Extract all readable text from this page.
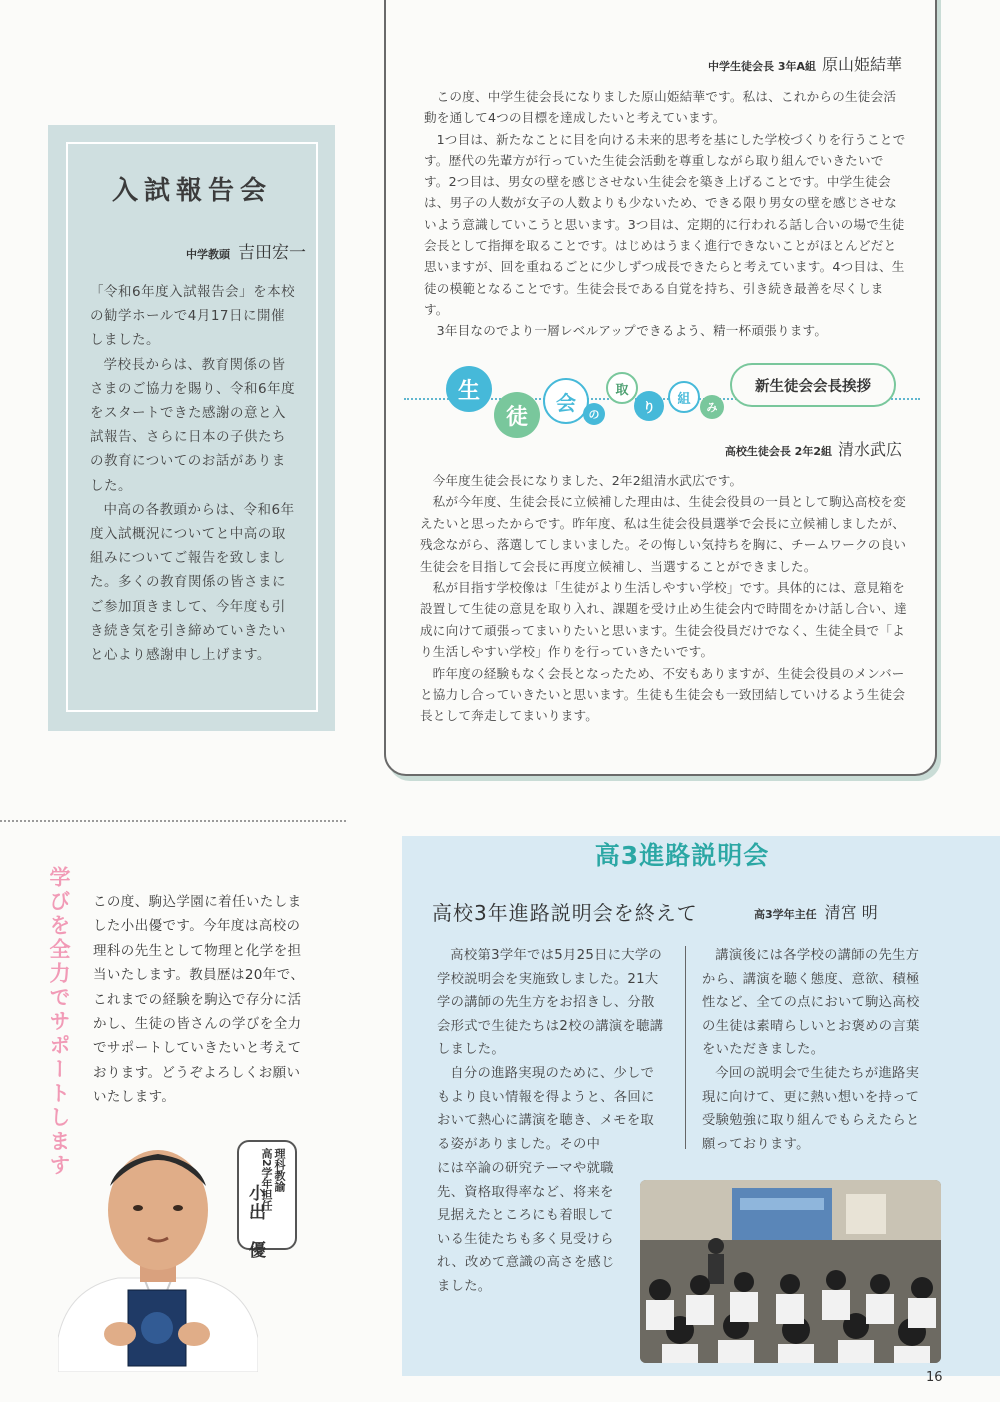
入試報告会
中学教頭 吉田宏一

「令和6年度入試報告会」を本校の勧学ホールで4月17日に開催しました。

学校長からは、教育関係の皆さまのご協力を賜り、令和6年度をスタートできた感謝の意と入試報告、さらに日本の子供たちの教育についてのお話がありました。

中高の各教頭からは、令和6年度入試概況についてと中高の取組みについてご報告を致しました。多くの教育関係の皆さまにご参加頂きまして、今年度も引き続き気を引き締めていきたいと心より感謝申し上げます。

中学生徒会長 3年A組 原山姫結華

この度、中学生徒会長になりました原山姫結華です。私は、これからの生徒会活動を通して4つの目標を達成したいと考えています。

1つ目は、新たなことに目を向ける未来的思考を基にした学校づくりを行うことです。歴代の先輩方が行っていた生徒会活動を尊重しながら取り組んでいきたいです。2つ目は、男女の壁を感じさせない生徒会を築き上げることです。中学生徒会は、男子の人数が女子の人数よりも少ないため、できる限り男女の壁を感じさせないよう意識していこうと思います。3つ目は、定期的に行われる話し合いの場で生徒会長として指揮を取ることです。はじめはうまく進行できないことがほとんどだと思いますが、回を重ねるごとに少しずつ成長できたらと考えています。4つ目は、生徒の模範となることです。生徒会長である自覚を持ち、引き続き最善を尽くします。

3年目なのでより一層レベルアップできるよう、精一杯頑張ります。

生
徒
会	の
取
り
組
み
新生徒会会長挨拶
高校生徒会長 2年2組 清水武広

今年度生徒会長になりました、2年2組清水武広です。

私が今年度、生徒会長に立候補した理由は、生徒会役員の一員として駒込高校を変えたいと思ったからです。昨年度、私は生徒会役員選挙で会長に立候補しましたが、残念ながら、落選してしまいました。その悔しい気持ちを胸に、チームワークの良い生徒会を目指して会長に再度立候補し、当選することができました。

私が目指す学校像は「生徒がより生活しやすい学校」です。具体的には、意見箱を設置して生徒の意見を取り入れ、課題を受け止め生徒会内で時間をかけ話し合い、達成に向けて頑張ってまいりたいと思います。生徒会役員だけでなく、生徒全員で「より生活しやすい学校」作りを行っていきたいです。

昨年度の経験もなく会長となったため、不安もありますが、生徒会役員のメンバーと協力し合っていきたいと思います。生徒も生徒会も一致団結していけるよう生徒会長として奔走してまいります。

学びを全力でサポートします この度、駒込学園に着任いたしました小出優です。今年度は高校の理科の先生として物理と化学を担当いたします。教員歴は20年で、これまでの経験を駒込で存分に活かし、生徒の皆さんの学びを全力でサポートしていきたいと考えております。どうぞよろしくお願いいたします。
理科教諭
高2学年担任
小出　優
高3進路説明会
高校3年進路説明会を終えて	高3学年主任 清宮 明

高校第3学年では5月25日に大学の学校説明会を実施致しました。21大学の講師の先生方をお招きし、分散会形式で生徒たちは2校の講演を聴講しました。

自分の進路実現のために、少しでもより良い情報を得ようと、各回において熱心に講演を聴き、メモを取る姿がありました。その中

には卒論の研究テーマや就職先、資格取得率など、将来を見据えたところにも着眼している生徒たちも多く見受けられ、改めて意識の高さを感じました。

講演後には各学校の講師の先生方から、講演を聴く態度、意欲、積極性など、全ての点において駒込高校の生徒は素晴らしいとお褒めの言葉をいただきました。

今回の説明会で生徒たちが進路実現に向けて、更に熱い想いを持って受験勉強に取り組んでもらえたらと願っております。

16
